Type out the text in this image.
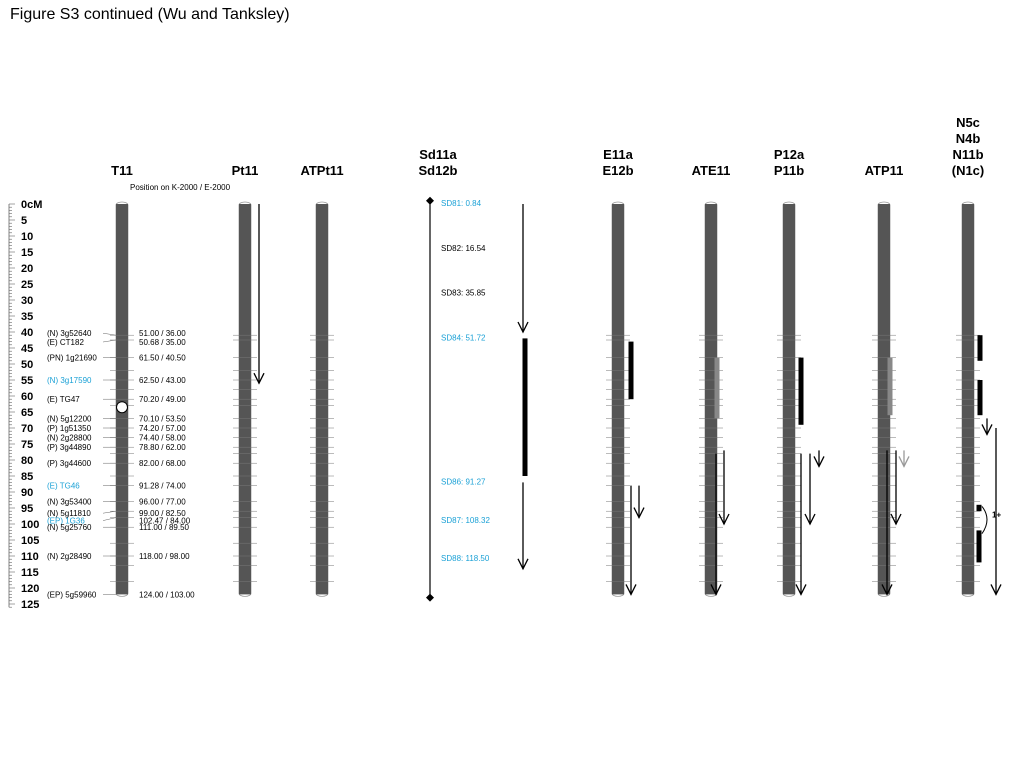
Figure S3 continued (Wu and Tanksley)
0cM
5
10
15
20
25
30
35
40
45
50
55
60
65
70
75
80
85
90
95
100
105
110
115
120
125
T11	Pt11	ATPt11
Sd11a
Sd12b
E11a
E12b	ATE11
P12a
P11b	ATP11
N5c
N4b
N11b
(N1c)
Position on K-2000 / E-2000
(N) 3g52640	51.00 / 36.00
(E) CT182	50.68 / 35.00
(PN) 1g21690	61.50 / 40.50
(N) 3g17590	62.50 / 43.00
(E) TG47	70.20 / 49.00
(N) 5g12200	70.10 / 53.50
(P) 1g51350	74.20 / 57.00
(N) 2g28800	74.40 / 58.00
(P) 3g44890	78.80 / 62.00
(P) 3g44600	82.00 / 68.00
(E) TG46	91.28 / 74.00
(N) 3g53400	96.00 / 77.00
(N) 5g11810	99.00 / 82.50
(EP) 1G36	102.47 / 84.00
(N) 5g25760	111.00 / 89.50
(N) 2g28490	118.00 / 98.00
(EP) 5g59960	124.00 / 103.00
SD81: 0.84
SD82: 16.54
SD83: 35.85
SD84: 51.72
SD86: 91.27
SD87: 108.32
SD88: 118.50
1+
